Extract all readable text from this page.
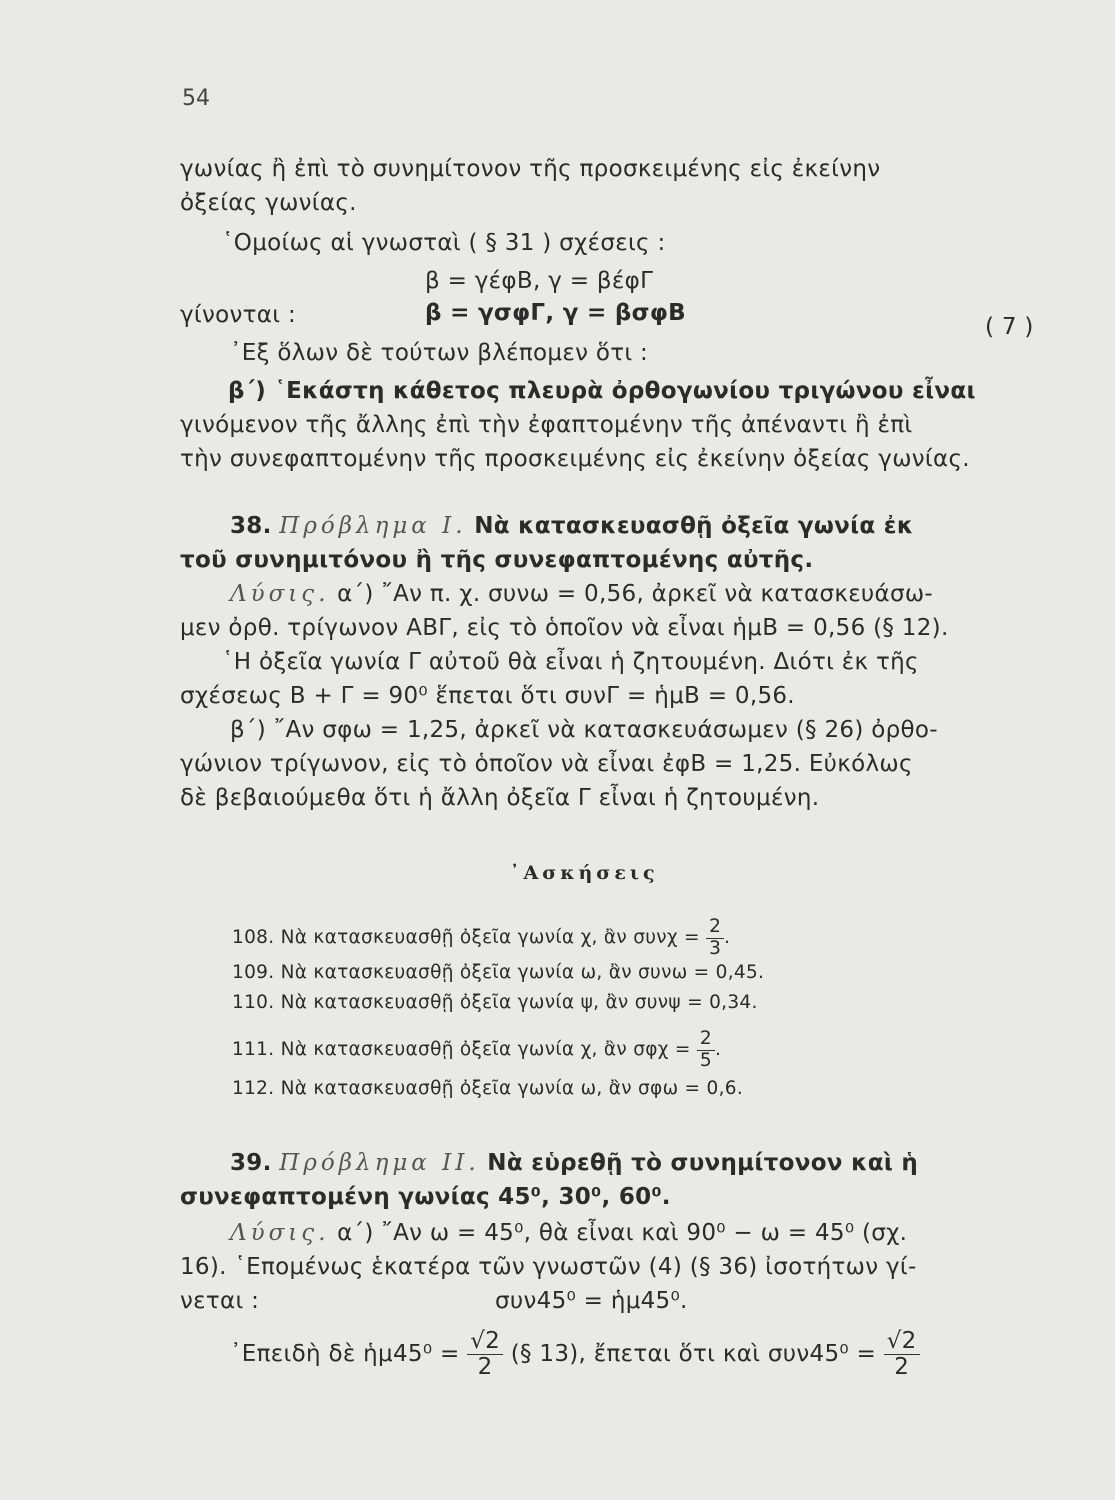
54
γωνίας ἢ ἐπὶ τὸ συνημίτονον τῆς προσκειμένης εἰς ἐκείνην
ὀξείας γωνίας.
῾Ομοίως αἱ γνωσταὶ ( § 31 ) σχέσεις :
β = γέφΒ, γ = βέφΓ
γίνονται :	β = γσφΓ, γ = βσφΒ
( 7 )
᾿Εξ ὅλων δὲ τούτων βλέπομεν ὅτι :
β΄) ῾Εκάστη κάθετος πλευρὰ ὀρθογωνίου τριγώνου εἶναι
γινόμενον τῆς ἄλλης ἐπὶ τὴν ἐφαπτομένην τῆς ἀπέναντι ἢ ἐπὶ
τὴν συνεφαπτομένην τῆς προσκειμένης εἰς ἐκείνην ὀξείας γωνίας.
38. Πρόβλημα Ι. Νὰ κατασκευασθῇ ὀξεῖα γωνία ἐκ
τοῦ συνημιτόνου ἢ τῆς συνεφαπτομένης αὐτῆς.
Λύσις. α΄) ῎Αν π. χ. συνω = 0,56, ἀρκεῖ νὰ κατασκευάσω-
μεν ὀρθ. τρίγωνον ΑΒΓ, εἰς τὸ ὁποῖον νὰ εἶναι ἡμΒ = 0,56 (§ 12).
῾Η ὀξεῖα γωνία Γ αὐτοῦ θὰ εἶναι ἡ ζητουμένη. Διότι ἐκ τῆς
σχέσεως Β + Γ = 90⁰ ἕπεται ὅτι συνΓ = ἡμΒ = 0,56.
β΄) ῎Αν σφω = 1,25, ἀρκεῖ νὰ κατασκευάσωμεν (§ 26) ὀρθο-
γώνιον τρίγωνον, εἰς τὸ ὁποῖον νὰ εἶναι ἐφΒ = 1,25. Εὐκόλως
δὲ βεβαιούμεθα ὅτι ἡ ἄλλη ὀξεῖα Γ εἶναι ἡ ζητουμένη.
᾿Ασκήσεις
108. Νὰ κατασκευασθῇ ὀξεῖα γωνία χ, ἂν $\sigma\upsilon\nu\chi = \frac{2}{3}$ .
109. Νὰ κατασκευασθῇ ὀξεῖα γωνία ω, ἂν συνω = 0,45.
110. Νὰ κατασκευασθῇ ὀξεῖα γωνία ψ, ἂν συνψ = 0,34.
111. Νὰ κατασκευασθῇ ὀξεῖα γωνία χ, ἂν $\sigma\varphi\chi = \frac{2}{5}$ .
112. Νὰ κατασκευασθῇ ὀξεῖα γωνία ω, ἂν σφω = 0,6.
39. Πρόβλημα ΙΙ. Νὰ εὑρεθῇ τὸ συνημίτονον καὶ ἡ
συνεφαπτομένη γωνίας 45⁰, 30⁰, 60⁰.
Λύσις. α΄) ῎Αν ω = 45⁰, θὰ εἶναι καὶ 90⁰ − ω = 45⁰ (σχ.
16). ῾Επομένως ἑκατέρα τῶν γνωστῶν (4) (§ 36) ἰσοτήτων γί-
νεται :	συν45⁰ = ἡμ45⁰.
᾿Επειδὴ δὲ ἡμ45⁰ = $\frac{√2}{2}$ (§ 13), ἔπεται ὅτι καὶ $\sigma\upsilon\nu 45^0 = \frac{√2}{2}$
